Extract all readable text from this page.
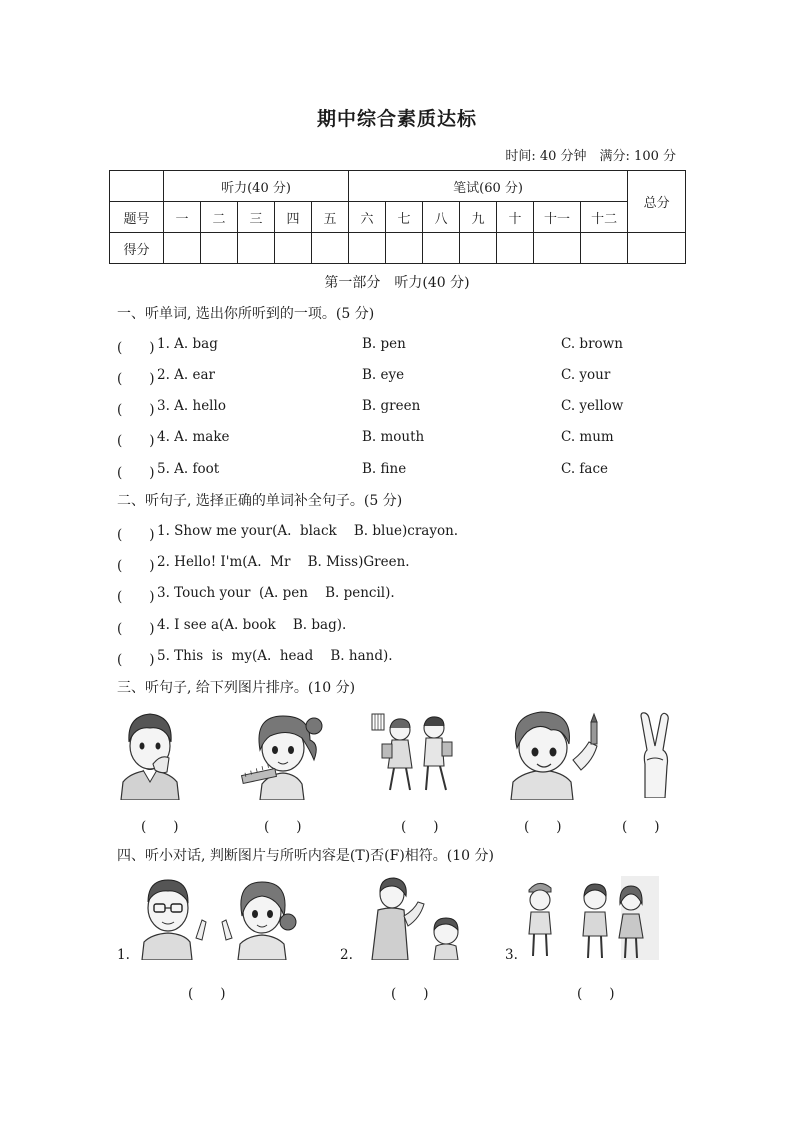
期中综合素质达标
时间: 40 分钟　满分: 100 分
	听力(40 分)					笔试(60 分)							总分
题号	一	二	三	四	五	六	七	八	九	十	十一	十二	
得分													
第一部分　听力(40 分)
一、听单词, 选出你所听到的一项。(5 分)
(　　) 1. A. bag	B. pen	C. brown
(　　) 2. A. ear	B. eye	C. your
(　　) 3. A. hello	B. green	C. yellow
(　　) 4. A. make	B. mouth	C. mum
(　　) 5. A. foot	B. fine	C. face
二、听句子, 选择正确的单词补全句子。(5 分)
(　　) 1. Show me your(A.  black    B. blue)crayon.
(　　) 2. Hello! I'm(A.  Mr    B. Miss)Green.
(　　) 3. Touch your  (A. pen    B. pencil).
(　　) 4. I see a(A. book    B. bag).
(　　) 5. This  is  my(A.  head    B. hand).
三、听句子, 给下列图片排序。(10 分)
(　　)	(　　)	(　　)	(　　)	(　　)
四、听小对话, 判断图片与所听内容是(T)否(F)相符。(10 分)
1.	2.	3.
(　　)	(　　)	(　　)
